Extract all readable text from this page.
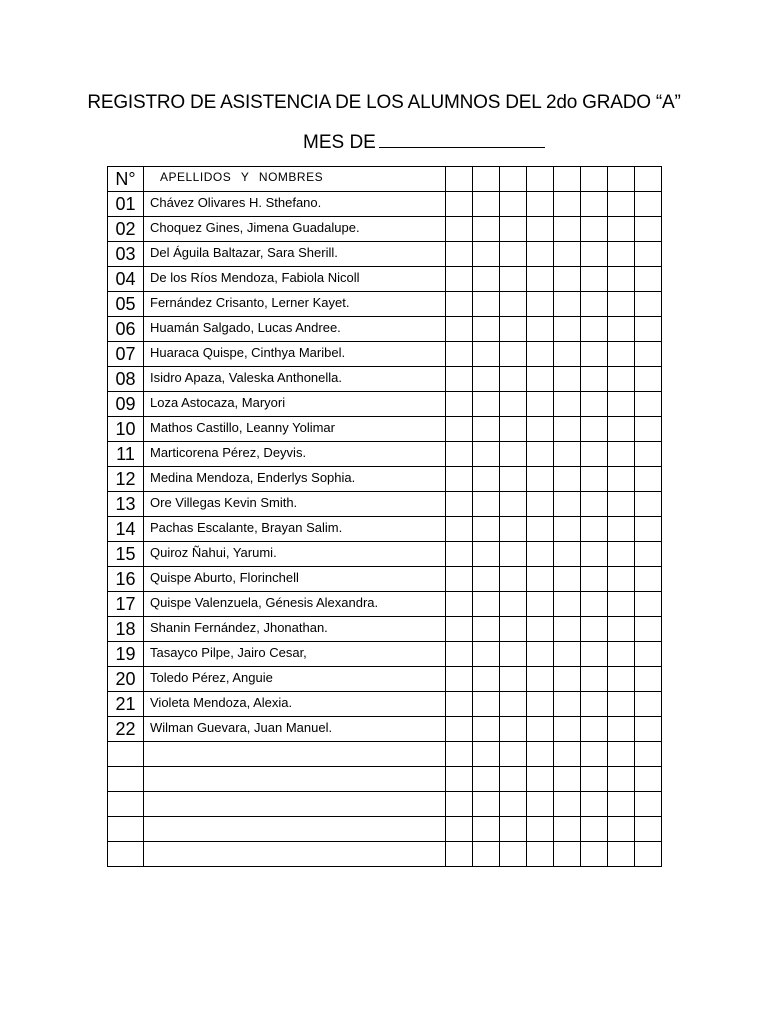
REGISTRO DE ASISTENCIA DE LOS ALUMNOS DEL 2do GRADO “A”
MES DE
N°	APELLIDOS Y NOMBRES								
01	Chávez Olivares H. Sthefano.								
02	Choquez Gines, Jimena Guadalupe.								
03	Del Águila Baltazar, Sara Sherill.								
04	De los Ríos Mendoza, Fabiola Nicoll								
05	Fernández Crisanto, Lerner Kayet.								
06	Huamán Salgado, Lucas Andree.								
07	Huaraca Quispe, Cinthya Maribel.								
08	Isidro Apaza, Valeska Anthonella.								
09	Loza Astocaza, Maryori								
10	Mathos Castillo, Leanny Yolimar								
11	Marticorena Pérez, Deyvis.								
12	Medina Mendoza, Enderlys Sophia.								
13	Ore Villegas Kevin Smith.								
14	Pachas Escalante, Brayan Salim.								
15	Quiroz Ñahui, Yarumi.								
16	Quispe Aburto, Florinchell								
17	Quispe Valenzuela, Génesis Alexandra.								
18	Shanin Fernández, Jhonathan.								
19	Tasayco Pilpe, Jairo Cesar,								
20	Toledo Pérez, Anguie								
21	Violeta Mendoza, Alexia.								
22	Wilman Guevara, Juan Manuel.								
